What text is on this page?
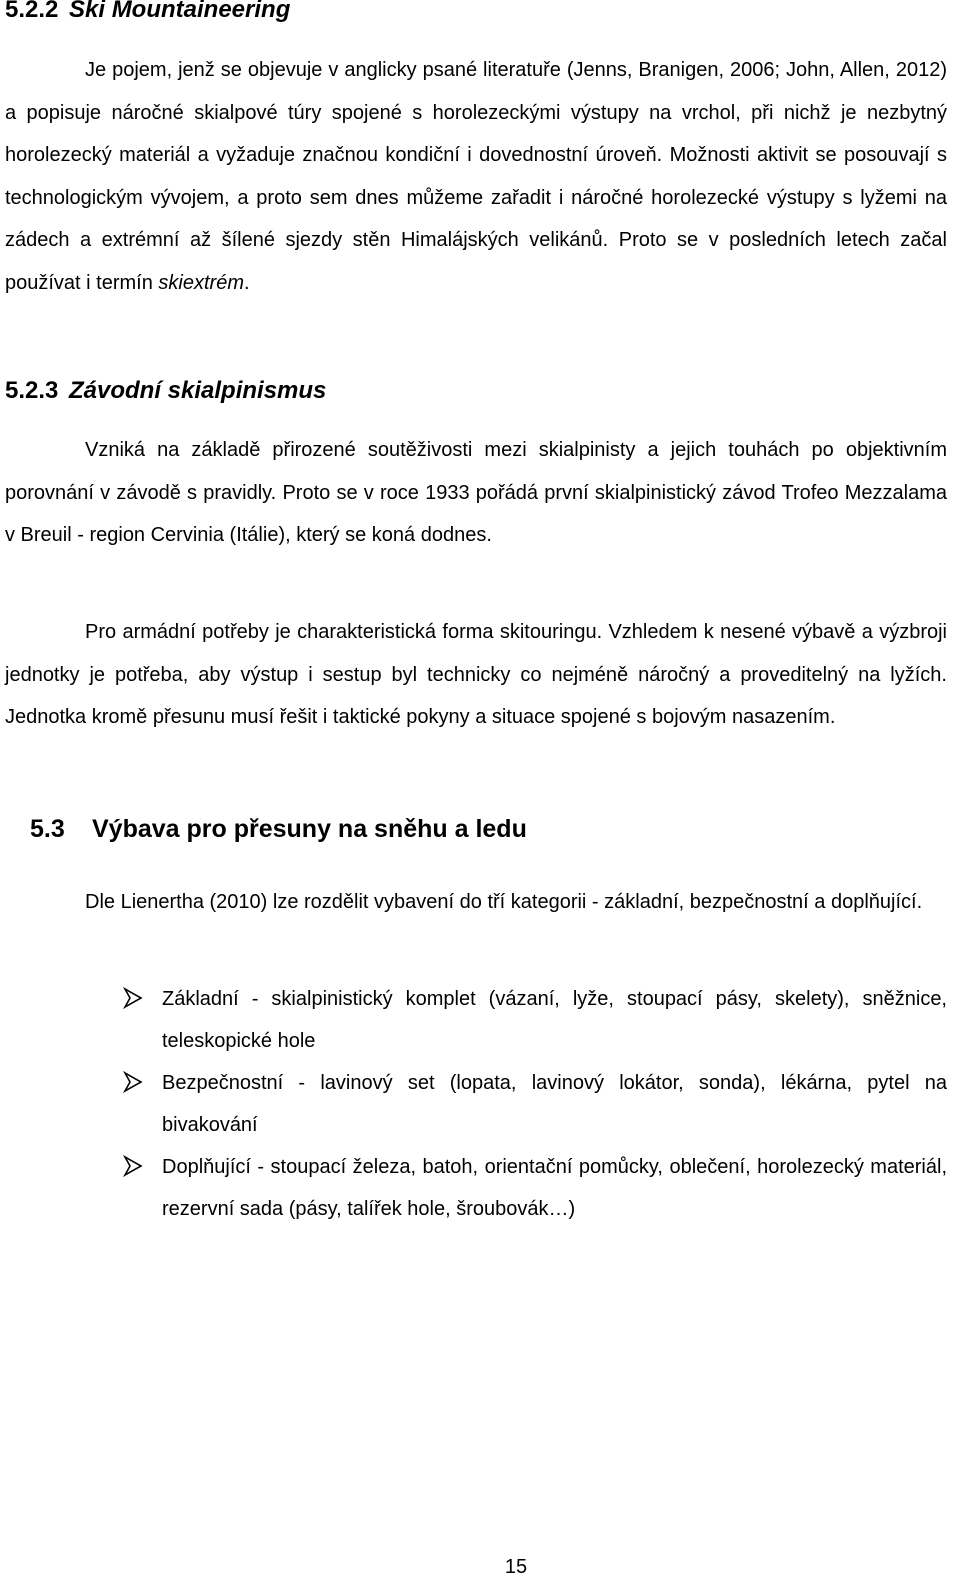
5.2.2 Ski Mountaineering

Je pojem, jenž se objevuje v anglicky psané literatuře (Jenns, Branigen, 2006; John, Allen, 2012) a popisuje náročné skialpové túry spojené s horolezeckými výstupy na vrchol, při nichž je nezbytný horolezecký materiál a vyžaduje značnou kondiční i dovednostní úroveň. Možnosti aktivit se posouvají s technologickým vývojem, a proto sem dnes můžeme zařadit i náročné horolezecké výstupy s lyžemi na zádech a extrémní až šílené sjezdy stěn Himalájských velikánů. Proto se v posledních letech začal používat i termín skiextrém.

5.2.3 Závodní skialpinismus

Vzniká na základě přirozené soutěživosti mezi skialpinisty a jejich touhách po objektivním porovnání v závodě s pravidly. Proto se v roce 1933 pořádá první skialpinistický závod Trofeo Mezzalama v Breuil - region Cervinia (Itálie), který se koná dodnes.

Pro armádní potřeby je charakteristická forma skitouringu. Vzhledem k nesené výbavě a výzbroji jednotky je potřeba, aby výstup i sestup byl technicky co nejméně náročný a proveditelný na lyžích. Jednotka kromě přesunu musí řešit i taktické pokyny a situace spojené s bojovým nasazením.

5.3 Výbava pro přesuny na sněhu a ledu

Dle Lienertha (2010) lze rozdělit vybavení do tří kategorii - základní, bezpečnostní a doplňující.

Základní - skialpinistický komplet (vázaní, lyže, stoupací pásy, skelety), sněžnice, teleskopické hole
Bezpečnostní - lavinový set (lopata, lavinový lokátor, sonda), lékárna, pytel na bivakování
Doplňující - stoupací železa, batoh, orientační pomůcky, oblečení, horolezecký materiál, rezervní sada (pásy, talířek hole, šroubovák…)
15
